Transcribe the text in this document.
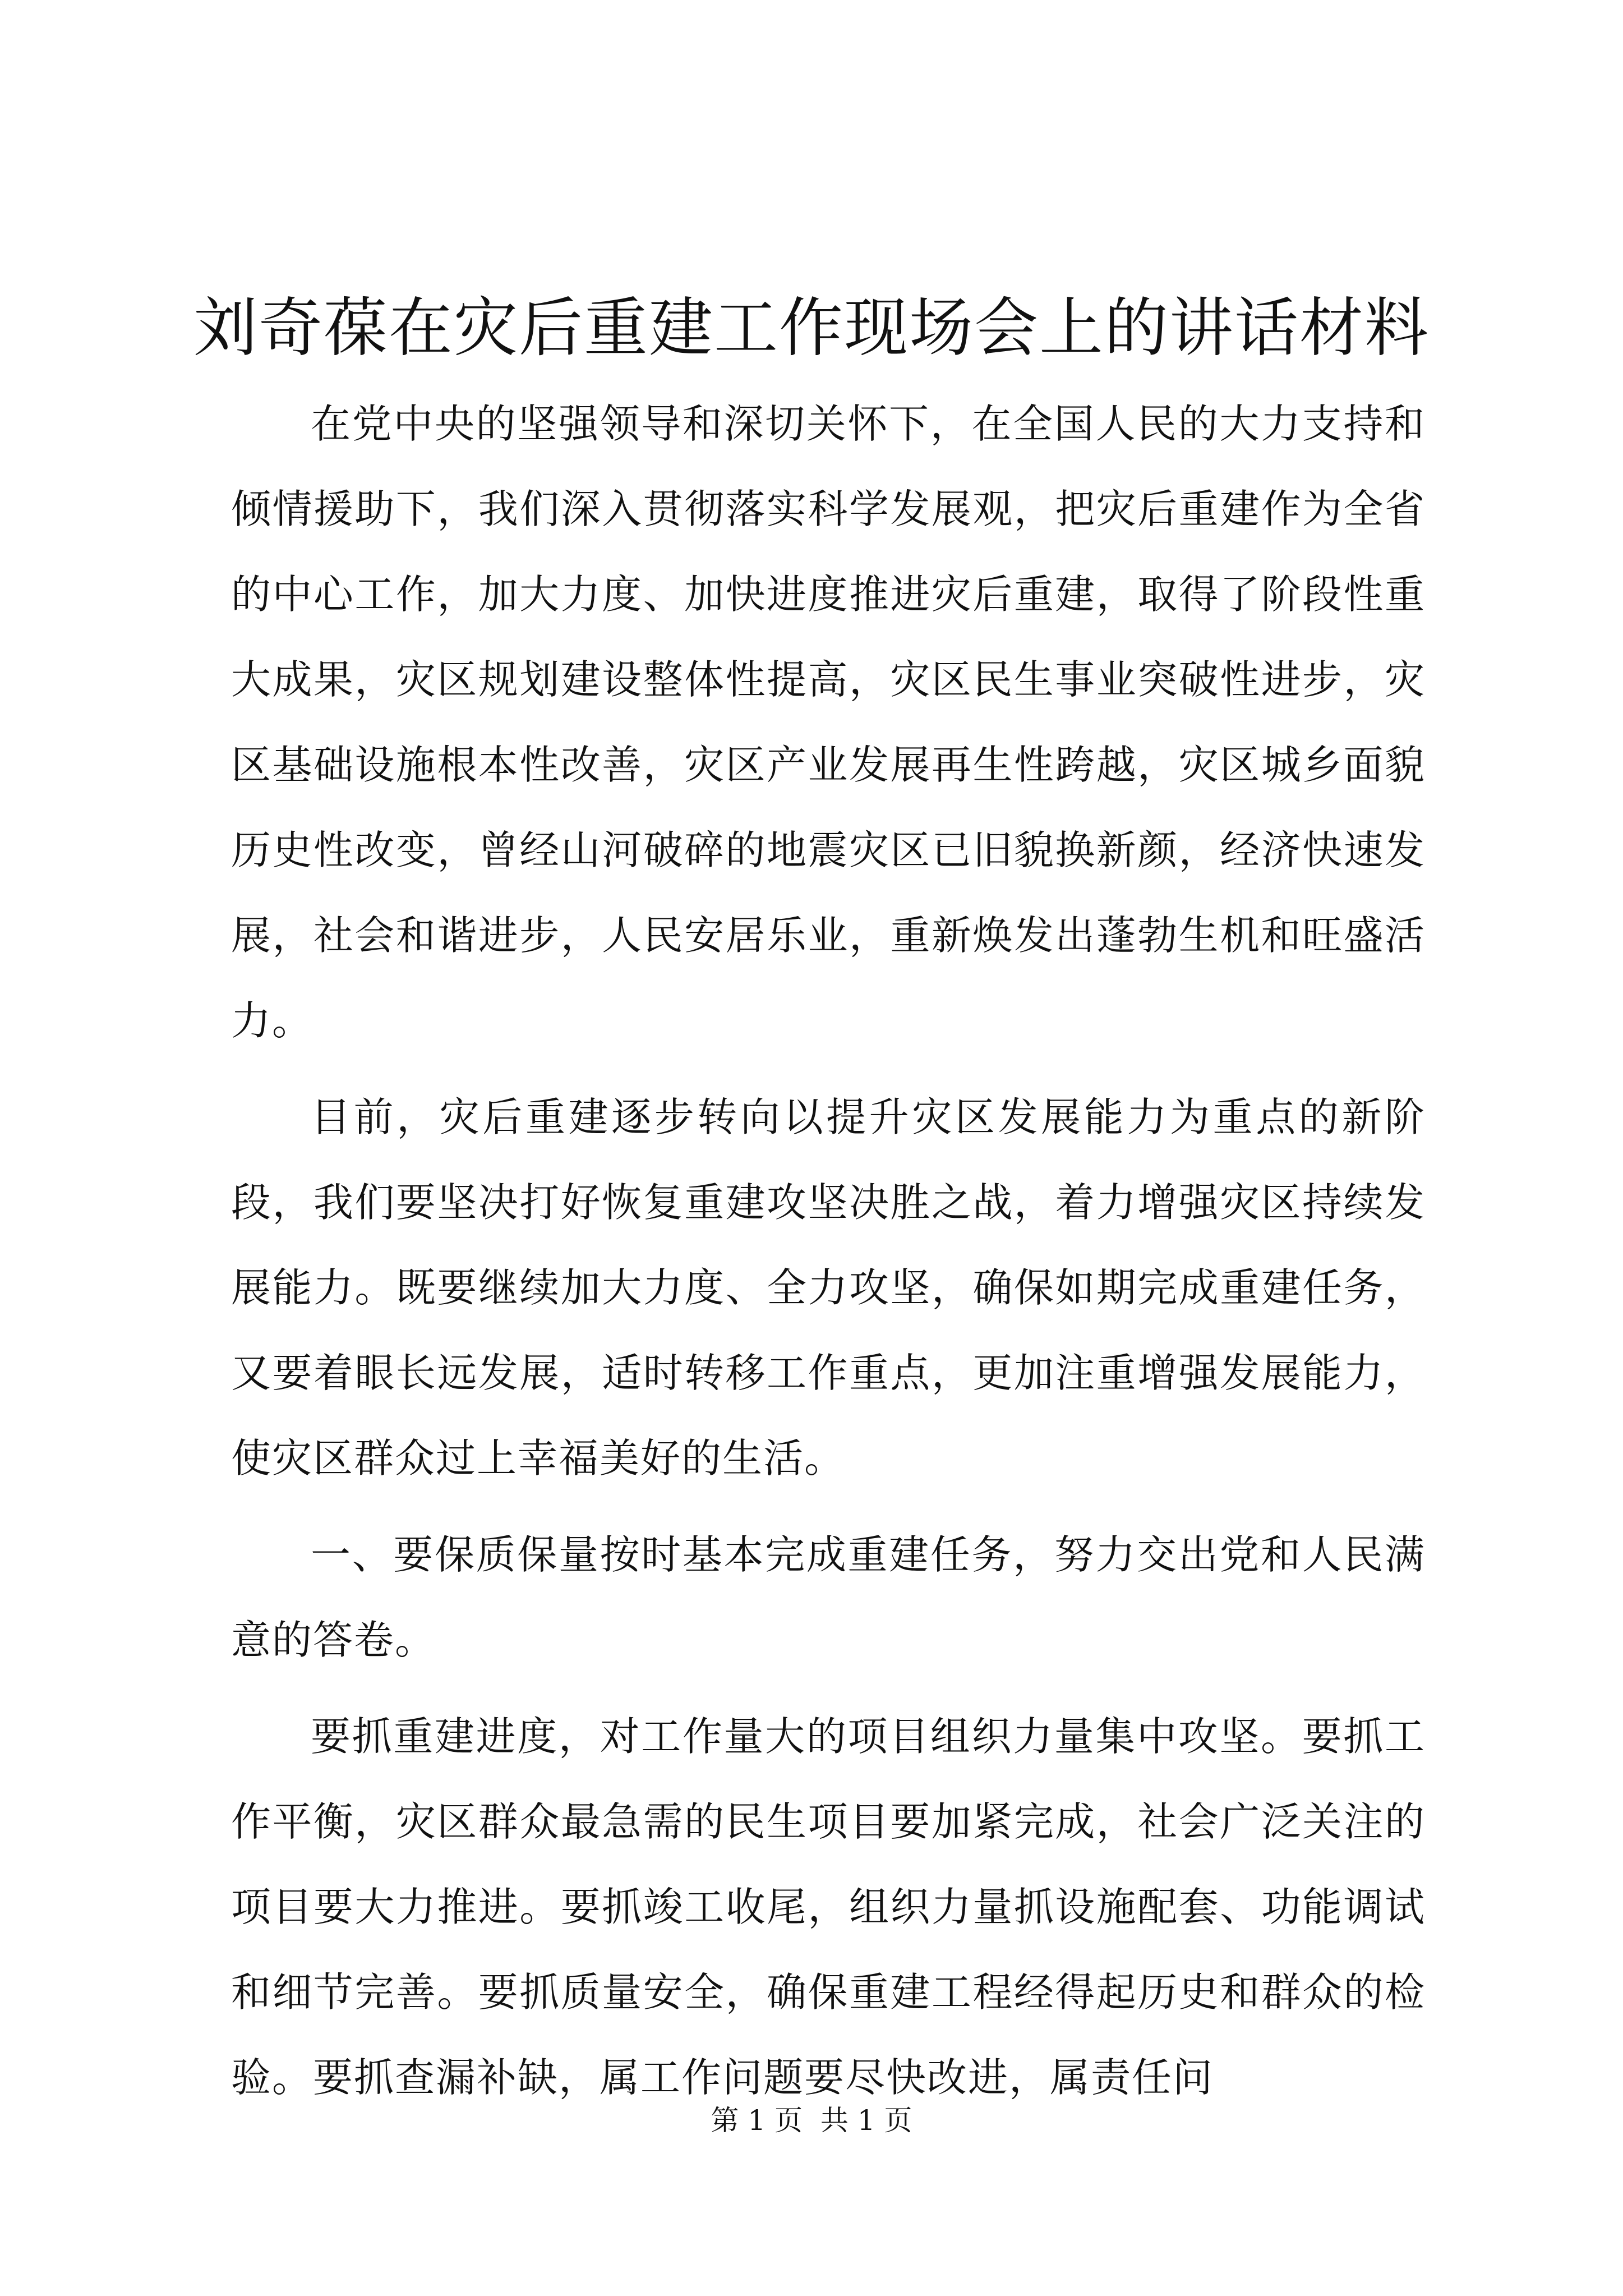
刘奇葆在灾后重建工作现场会上的讲话材料

在党中央的坚强领导和深切关怀下，在全国人民的大力支持和倾情援助下，我们深入贯彻落实科学发展观，把灾后重建作为全省的中心工作，加大力度、加快进度推进灾后重建，取得了阶段性重大成果，灾区规划建设整体性提高，灾区民生事业突破性进步，灾区基础设施根本性改善，灾区产业发展再生性跨越，灾区城乡面貌历史性改变，曾经山河破碎的地震灾区已旧貌换新颜，经济快速发展，社会和谐进步，人民安居乐业，重新焕发出蓬勃生机和旺盛活力。

目前，灾后重建逐步转向以提升灾区发展能力为重点的新阶段，我们要坚决打好恢复重建攻坚决胜之战，着力增强灾区持续发展能力。既要继续加大力度、全力攻坚，确保如期完成重建任务，又要着眼长远发展，适时转移工作重点，更加注重增强发展能力，使灾区群众过上幸福美好的生活。

一、要保质保量按时基本完成重建任务，努力交出党和人民满意的答卷。

要抓重建进度，对工作量大的项目组织力量集中攻坚。要抓工作平衡，灾区群众最急需的民生项目要加紧完成，社会广泛关注的项目要大力推进。要抓竣工收尾，组织力量抓设施配套、功能调试和细节完善。要抓质量安全，确保重建工程经得起历史和群众的检验。要抓查漏补缺，属工作问题要尽快改进，属责任问

第 1 页  共 1 页
